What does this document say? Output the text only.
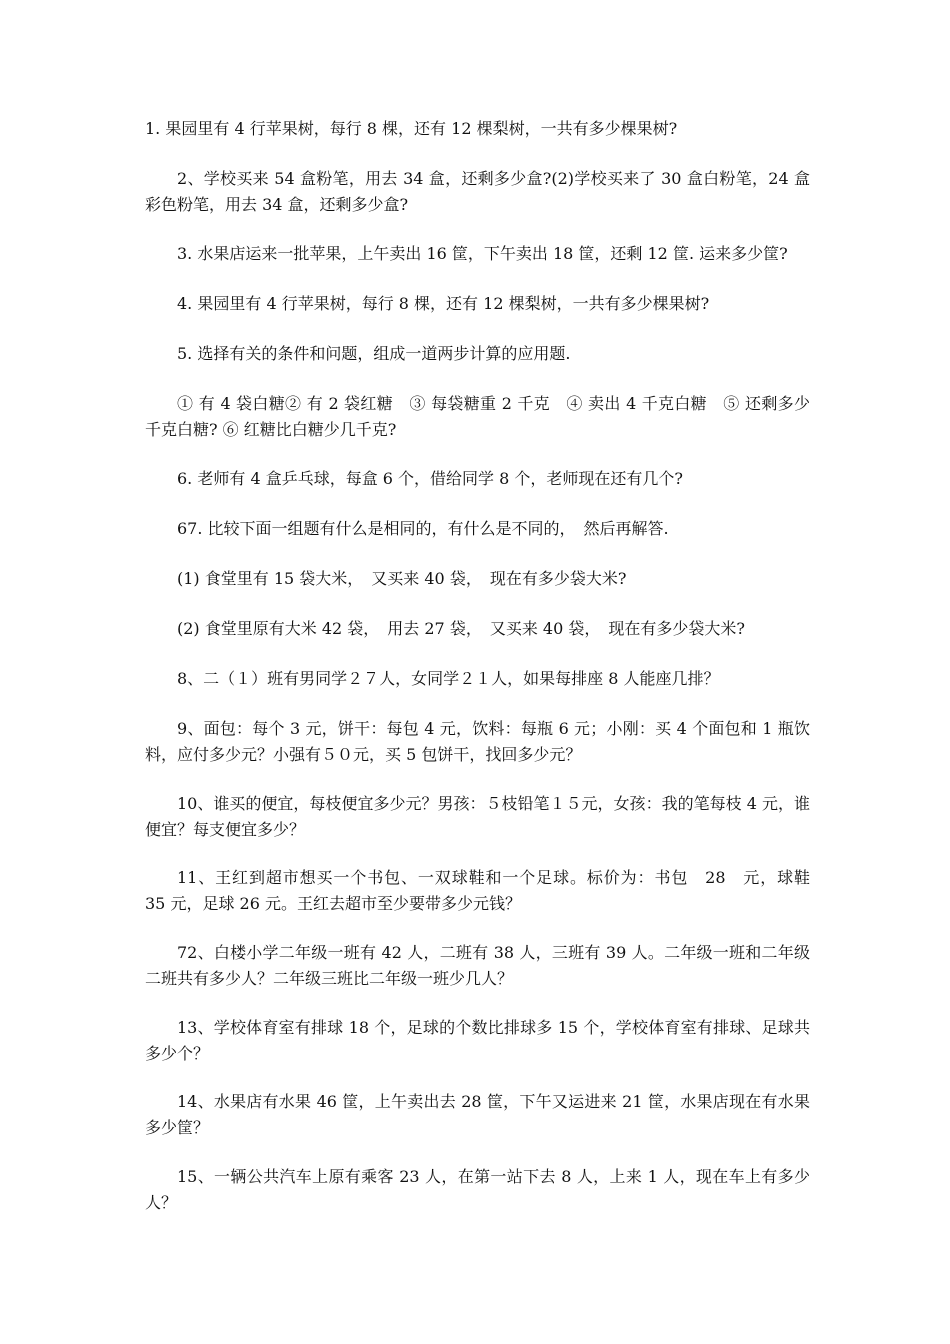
1. 果园里有 4 行苹果树，每行 8 棵，还有 12 棵梨树，一共有多少棵果树?
2、学校买来 54 盒粉笔，用去 34 盒，还剩多少盒?(2)学校买来了 30 盒白粉笔，24 盒彩色粉笔，用去 34 盒，还剩多少盒?
3. 水果店运来一批苹果，上午卖出 16 筐，下午卖出 18 筐，还剩 12 筐. 运来多少筐?
4. 果园里有 4 行苹果树，每行 8 棵，还有 12 棵梨树，一共有多少棵果树?
5. 选择有关的条件和问题，组成一道两步计算的应用题.
① 有 4 袋白糖② 有 2 袋红糖　③ 每袋糖重 2 千克　④ 卖出 4 千克白糖　⑤ 还剩多少千克白糖? ⑥ 红糖比白糖少几千克?
6. 老师有 4 盒乒乓球，每盒 6 个，借给同学 8 个，老师现在还有几个?
67. 比较下面一组题有什么是相同的，有什么是不同的，　然后再解答.
(1) 食堂里有 15 袋大米，　又买来 40 袋，　现在有多少袋大米?
(2) 食堂里原有大米 42 袋，　用去 27 袋，　又买来 40 袋，　现在有多少袋大米?
8、二（１）班有男同学２７人，女同学２１人，如果每排座 8 人能座几排？
9、面包：每个 3 元，饼干：每包 4 元，饮料：每瓶 6 元；小刚：买 4 个面包和 1 瓶饮料，应付多少元？小强有５０元，买 5 包饼干，找回多少元？
10、谁买的便宜，每枝便宜多少元？男孩：５枝铅笔１５元，女孩：我的笔每枝 4 元，谁便宜？每支便宜多少？
11、王红到超市想买一个书包、一双球鞋和一个足球。标价为：书包　28　元，球鞋　35 元，足球 26 元。王红去超市至少要带多少元钱？
72、白楼小学二年级一班有 42 人，二班有 38 人，三班有 39 人。二年级一班和二年级二班共有多少人？二年级三班比二年级一班少几人？
13、学校体育室有排球 18 个，足球的个数比排球多 15 个，学校体育室有排球、足球共多少个？
14、水果店有水果 46 筐，上午卖出去 28 筐，下午又运进来 21 筐，水果店现在有水果多少筐？
15、一辆公共汽车上原有乘客 23 人，在第一站下去 8 人，上来 1 人，现在车上有多少人？
